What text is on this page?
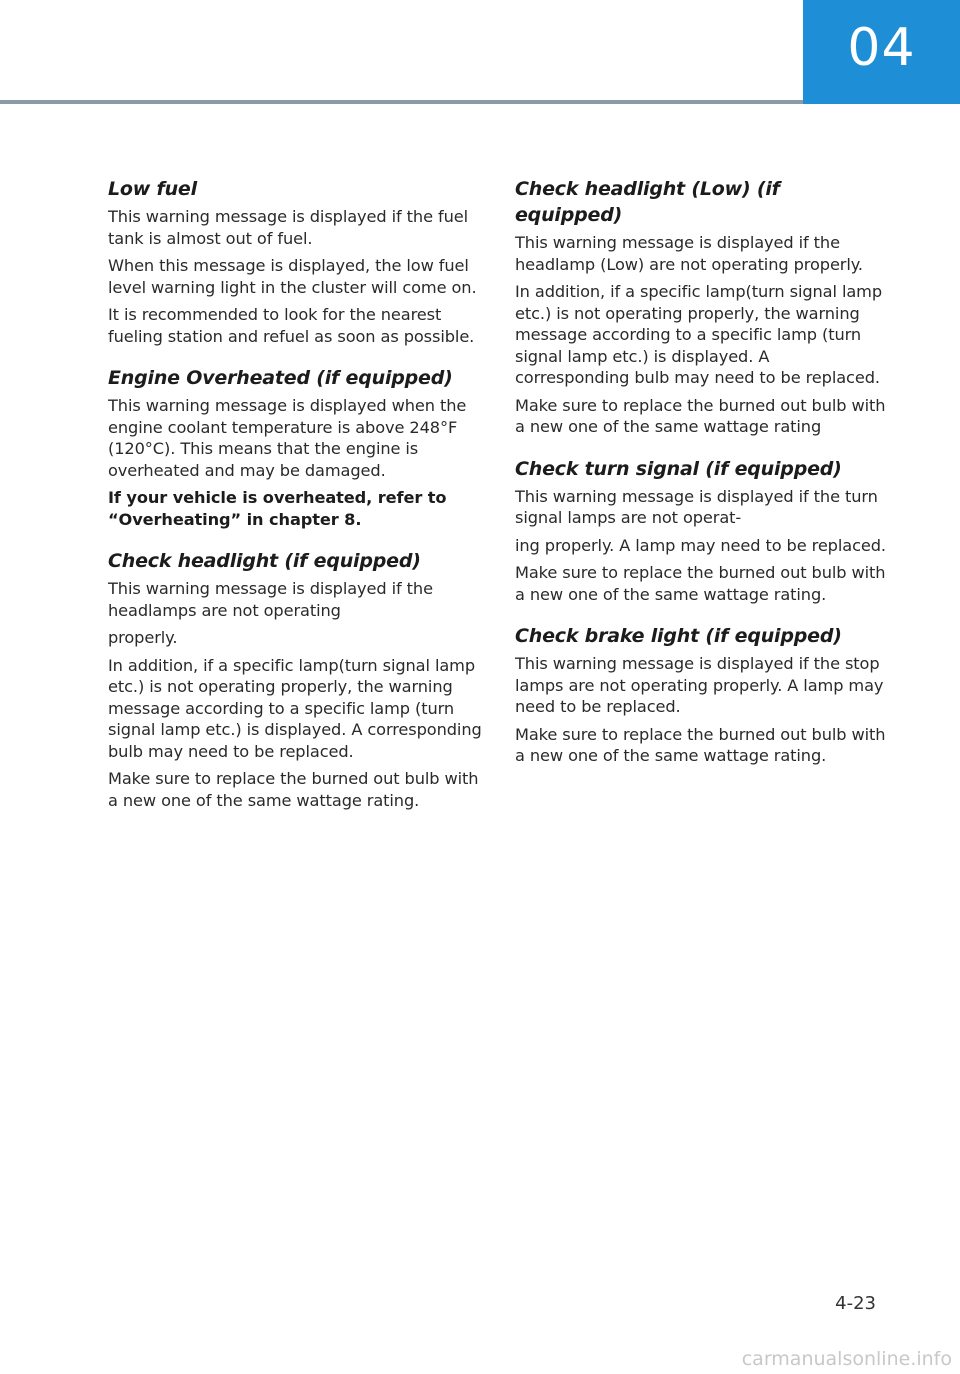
04
Low fuel

This warning message is displayed if the fuel tank is almost out of fuel.

When this message is displayed, the low fuel level warning light in the cluster will come on.

It is recommended to look for the nearest fueling station and refuel as soon as possible.

Engine Overheated (if equipped)

This warning message is displayed when the engine coolant temperature is above 248°F (120°C). This means that the engine is overheated and may be damaged.

If your vehicle is overheated, refer to “Overheating” in chapter 8.

Check headlight (if equipped)

This warning message is displayed if the headlamps are not operating

properly.

In addition, if a specific lamp(turn signal lamp etc.) is not operating properly, the warning message according to a specific lamp (turn signal lamp etc.) is displayed. A corresponding bulb may need to be replaced.

Make sure to replace the burned out bulb with a new one of the same wattage rating.

Check headlight (Low) (if equipped)

This warning message is displayed if the headlamp (Low) are not operating properly.

In addition, if a specific lamp(turn signal lamp etc.) is not operating properly, the warning message according to a specific lamp (turn signal lamp etc.) is displayed. A corresponding bulb may need to be replaced.

Make sure to replace the burned out bulb with a new one of the same wattage rating

Check turn signal (if equipped)

This warning message is displayed if the turn signal lamps are not operat-

ing properly. A lamp may need to be replaced.

Make sure to replace the burned out bulb with a new one of the same wattage rating.

Check brake light (if equipped)

This warning message is displayed if the stop lamps are not operating properly. A lamp may need to be replaced.

Make sure to replace the burned out bulb with a new one of the same wattage rating.

4-23
carmanualsonline.info
